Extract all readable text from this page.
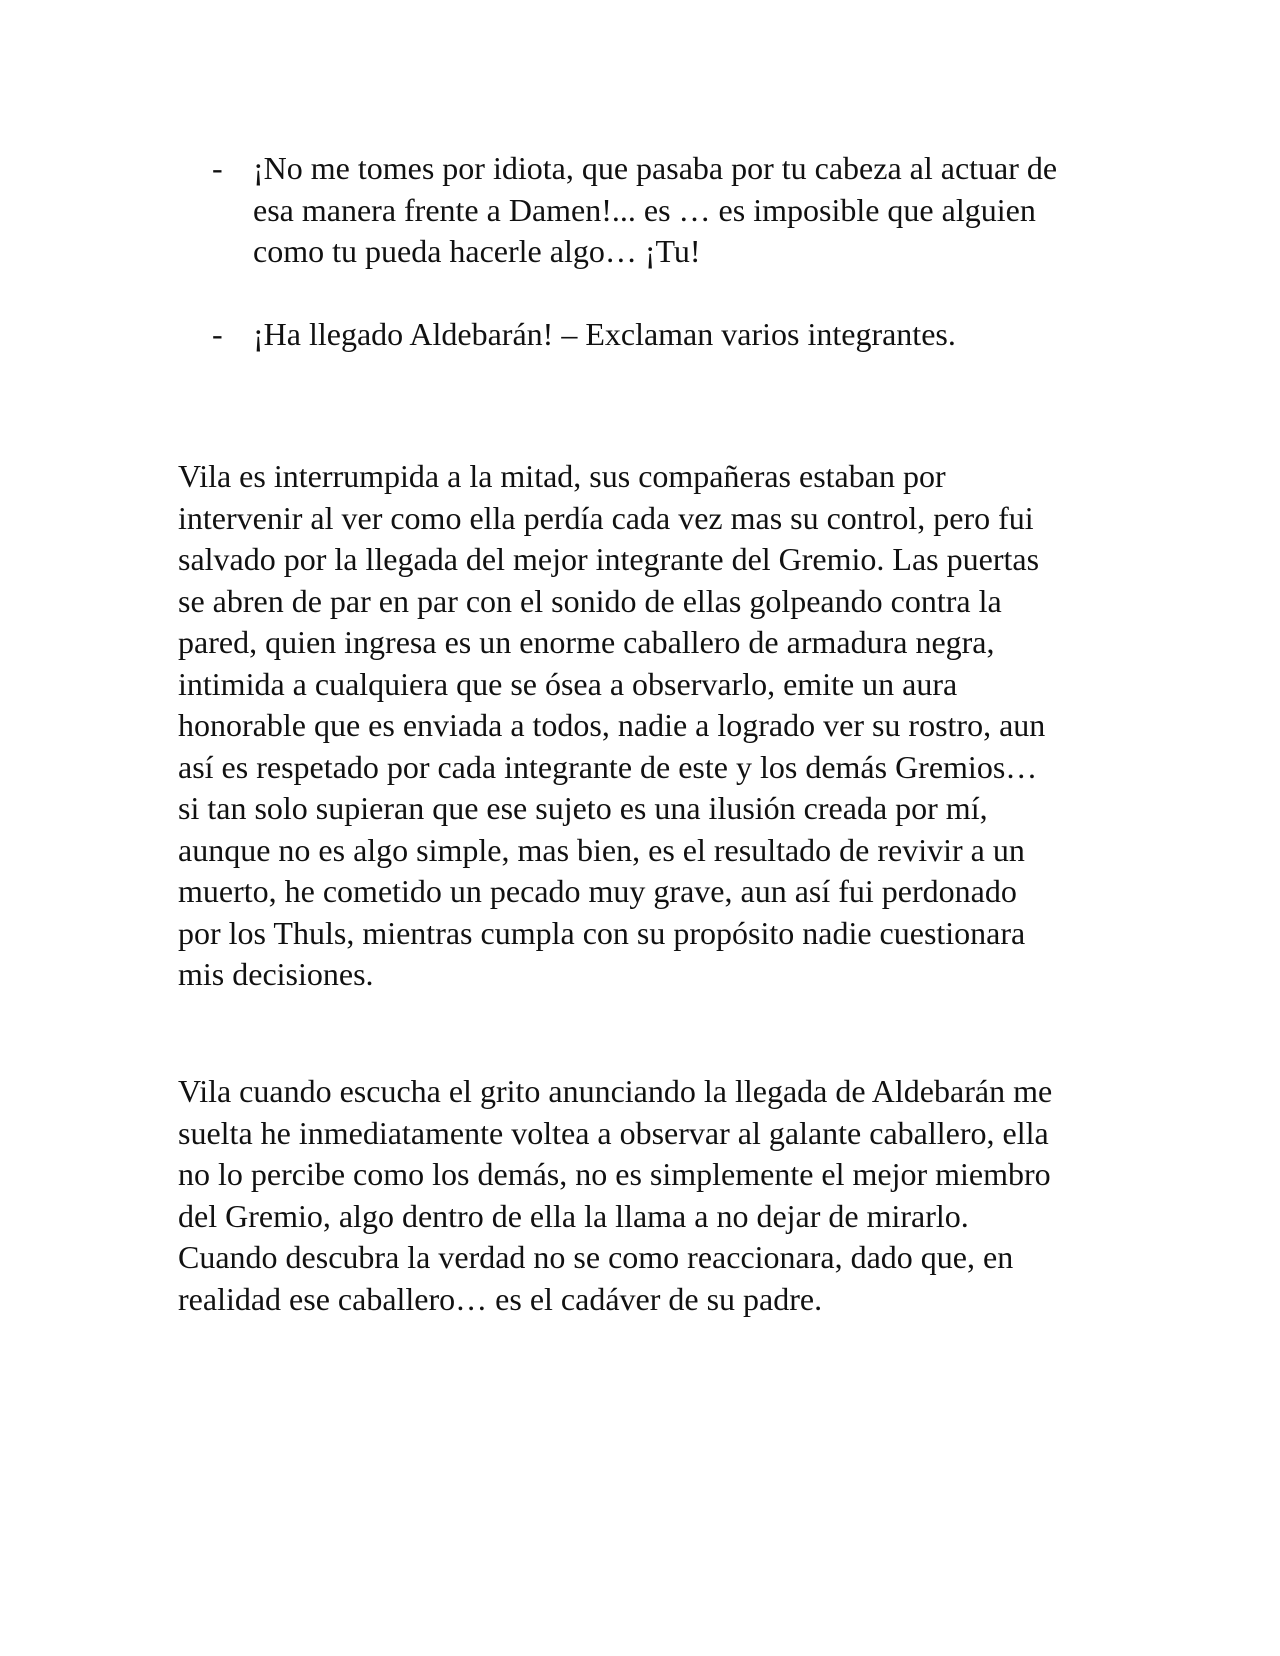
- ¡No me tomes por idiota, que pasaba por tu cabeza al actuar de
esa manera frente a Damen!... es … es imposible que alguien
como tu pueda hacerle algo… ¡Tu!
- ¡Ha llegado Aldebarán! – Exclaman varios integrantes.
Vila es interrumpida a la mitad, sus compañeras estaban por
intervenir al ver como ella perdía cada vez mas su control, pero fui
salvado por la llegada del mejor integrante del Gremio. Las puertas
se abren de par en par con el sonido de ellas golpeando contra la
pared, quien ingresa es un enorme caballero de armadura negra,
intimida a cualquiera que se ósea a observarlo, emite un aura
honorable que es enviada a todos, nadie a logrado ver su rostro, aun
así es respetado por cada integrante de este y los demás Gremios…
si tan solo supieran que ese sujeto es una ilusión creada por mí,
aunque no es algo simple, mas bien, es el resultado de revivir a un
muerto, he cometido un pecado muy grave, aun así fui perdonado
por los Thuls, mientras cumpla con su propósito nadie cuestionara
mis decisiones.
Vila cuando escucha el grito anunciando la llegada de Aldebarán me
suelta he inmediatamente voltea a observar al galante caballero, ella
no lo percibe como los demás, no es simplemente el mejor miembro
del Gremio, algo dentro de ella la llama a no dejar de mirarlo.
Cuando descubra la verdad no se como reaccionara, dado que, en
realidad ese caballero… es el cadáver de su padre.
